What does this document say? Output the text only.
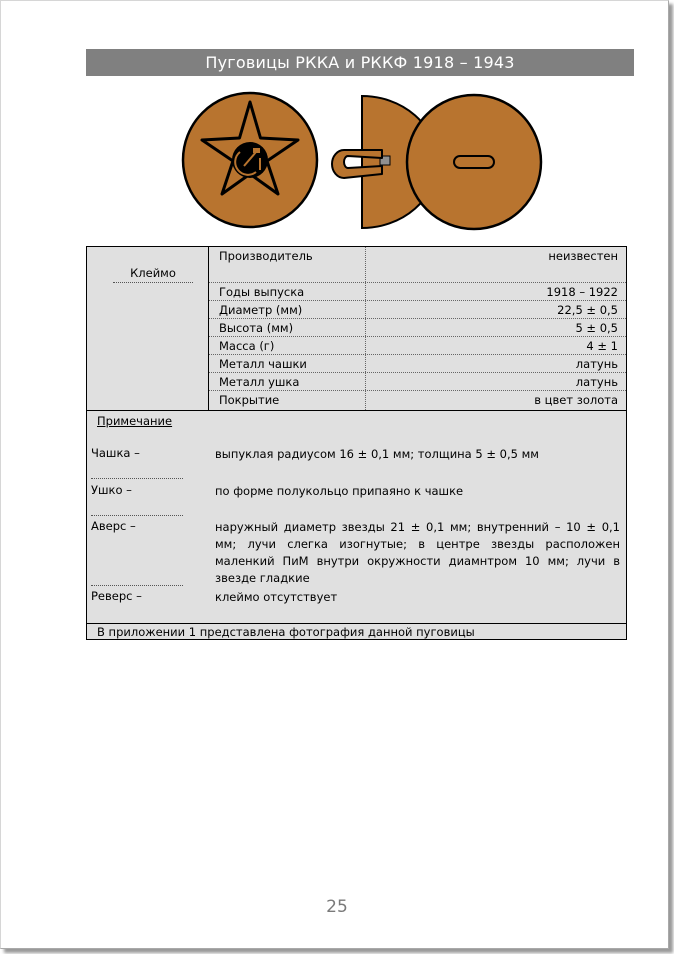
Пуговицы РККА и РККФ 1918 – 1943
Клеймо
Производитель	неизвестен
Годы выпуска	1918 – 1922
Диаметр (мм)	22,5 ± 0,5
Высота (мм)	5 ± 0,5
Масса (г)	4 ± 1
Металл чашки	латунь
Металл ушка	латунь
Покрытие	в цвет золота
Примечание
Чашка –	выпуклая радиусом 16 ± 0,1 мм; толщина 5 ± 0,5 мм
Ушко –	по форме полукольцо припаяно к чашке
Аверс –	наружный диаметр звезды 21 ± 0,1 мм; внутренний – 10 ± 0,1 мм; лучи слегка изогнутые; в центре звезды расположен маленкий ПиМ внутри окружности диамнтром 10 мм; лучи в звезде гладкие
Реверс –	клеймо отсутствует
В приложении 1 представлена фотография данной пуговицы
25
